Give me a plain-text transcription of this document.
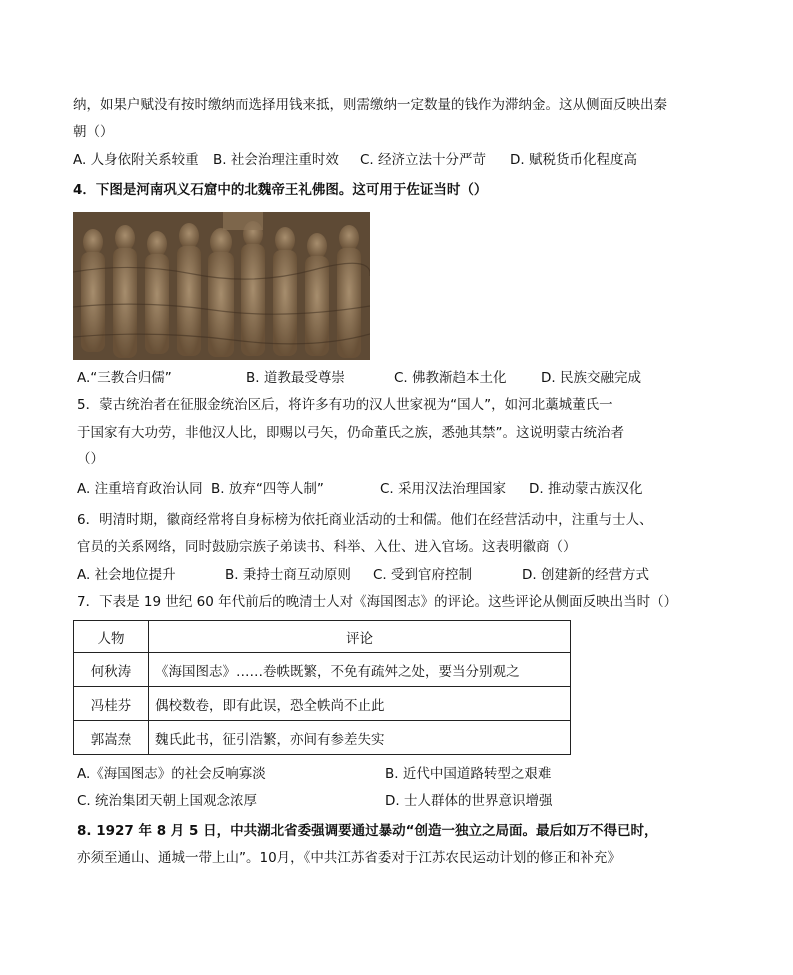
纳，如果户赋没有按时缴纳而选择用钱来抵，则需缴纳一定数量的钱作为滞纳金。这从侧面反映出秦
朝（）
A. 人身依附关系较重 B. 社会治理注重时效 C. 经济立法十分严苛 D. 赋税货币化程度高
4．下图是河南巩义石窟中的北魏帝王礼佛图。这可用于佐证当时（）
A.“三教合归儒”	B. 道教最受尊崇	C. 佛教渐趋本土化	D. 民族交融完成
5．蒙古统治者在征服金统治区后，将许多有功的汉人世家视为“国人”，如河北藁城董氏一
于国家有大功劳，非他汉人比，即赐以弓矢，仍命董氏之族，悉弛其禁”。这说明蒙古统治者
（）
A. 注重培育政治认同 B. 放弃“四等人制”	C. 采用汉法治理国家 D. 推动蒙古族汉化
6．明清时期，徽商经常将自身标榜为依托商业活动的士和儒。他们在经营活动中，注重与士人、
官员的关系网络，同时鼓励宗族子弟读书、科举、入仕、进入官场。这表明徽商（）
A. 社会地位提升	B. 秉持士商互动原则 C. 受到官府控制	D. 创建新的经营方式
7．下表是 19 世纪 60 年代前后的晚清士人对《海国图志》的评论。这些评论从侧面反映出当时（）
人物	评论
何秋涛	《海国图志》……卷帙既繁，不免有疏舛之处，要当分别观之
冯桂芬	偶校数卷，即有此误，恐全帙尚不止此
郭嵩焘	魏氏此书，征引浩繁，亦间有参差失实
A.《海国图志》的社会反响寡淡	B. 近代中国道路转型之艰难
C. 统治集团天朝上国观念浓厚	D. 士人群体的世界意识增强
8. 1927 年 8 月 5 日，中共湖北省委强调要通过暴动“创造一独立之局面。最后如万不得已时，
亦须至通山、通城一带上山”。10月，《中共江苏省委对于江苏农民运动计划的修正和补充》
